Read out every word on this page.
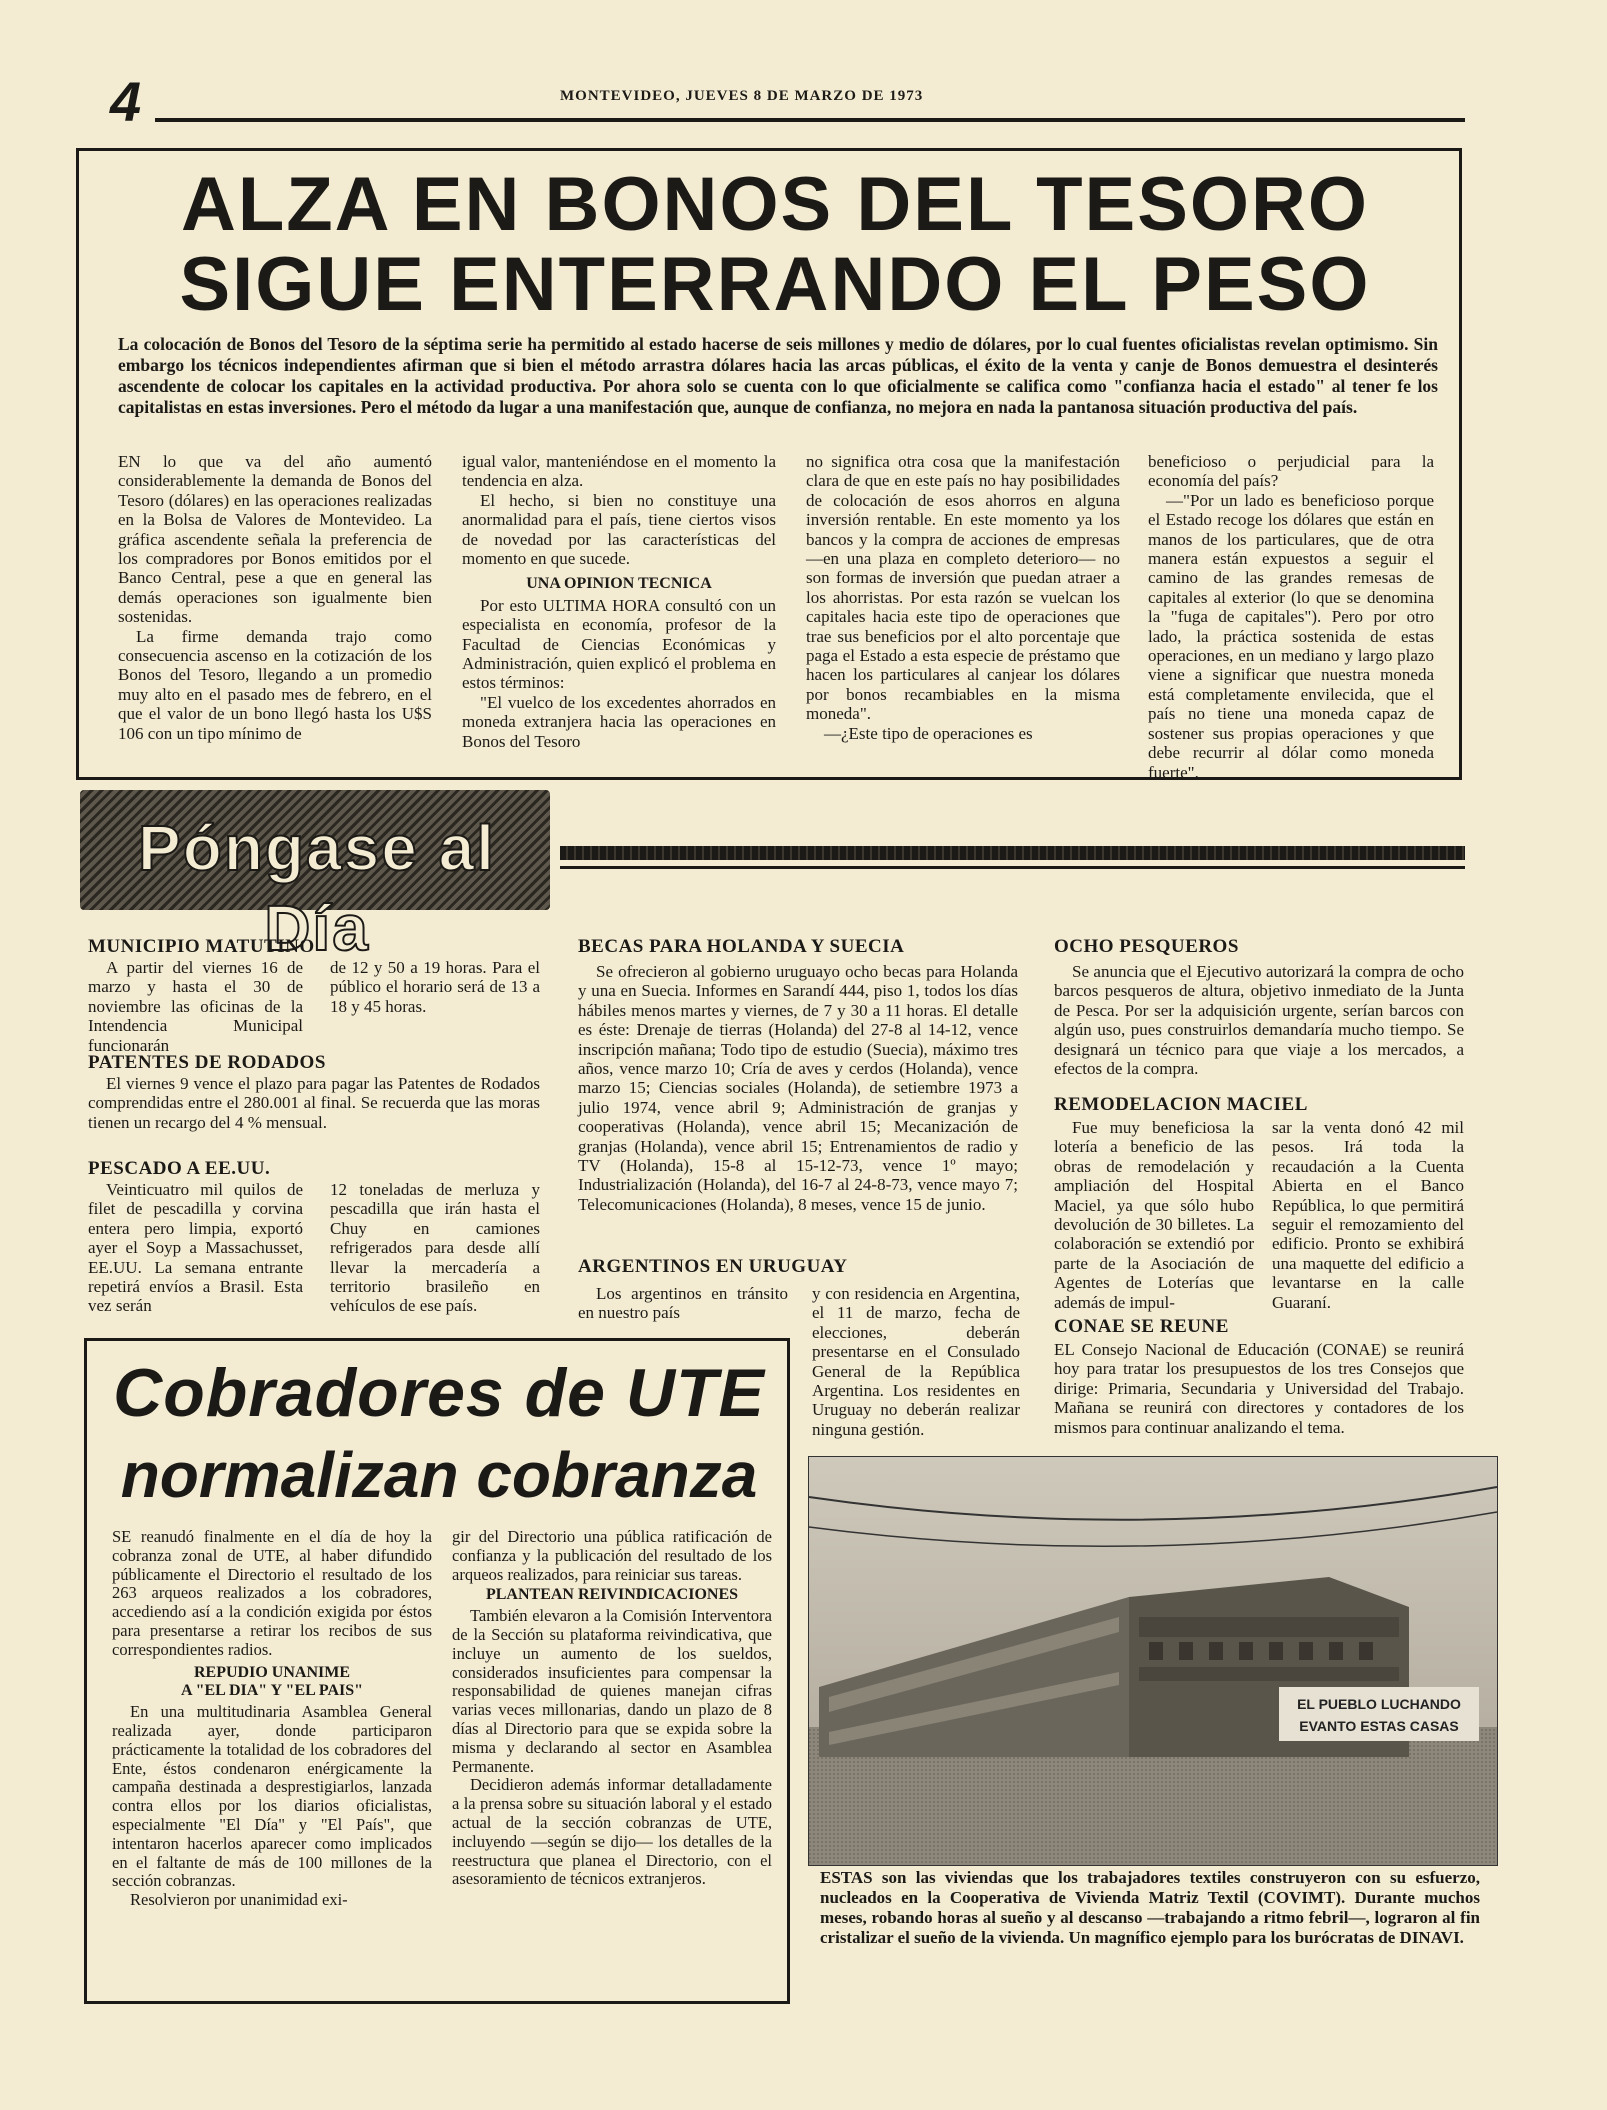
4	MONTEVIDEO, JUEVES 8 DE MARZO DE 1973
ALZA EN BONOS DEL TESORO
SIGUE ENTERRANDO EL PESO
La colocación de Bonos del Tesoro de la séptima serie ha permitido al estado hacerse de seis millones y medio de dólares, por lo cual fuentes oficialistas revelan optimismo. Sin embargo los técnicos independientes afirman que si bien el método arrastra dólares hacia las arcas públicas, el éxito de la venta y canje de Bonos demuestra el desinterés ascendente de colocar los capitales en la actividad productiva. Por ahora solo se cuenta con lo que oficialmente se califica como "confianza hacia el estado" al tener fe los capitalistas en estas inversiones. Pero el método da lugar a una manifestación que, aunque de confianza, no mejora en nada la pantanosa situación productiva del país.

EN lo que va del año aumentó considerablemente la demanda de Bonos del Tesoro (dólares) en las operaciones realizadas en la Bolsa de Valores de Montevideo. La gráfica ascendente señala la preferencia de los compradores por Bonos emitidos por el Banco Central, pese a que en general las demás operaciones son igualmente bien sostenidas.

La firme demanda trajo como consecuencia ascenso en la cotización de los Bonos del Tesoro, llegando a un promedio muy alto en el pasado mes de febrero, en el que el valor de un bono llegó hasta los U$S 106 con un tipo mínimo de

igual valor, manteniéndose en el momento la tendencia en alza.

El hecho, si bien no constituye una anormalidad para el país, tiene ciertos visos de novedad por las características del momento en que sucede.

UNA OPINION TECNICA

Por esto ULTIMA HORA consultó con un especialista en economía, profesor de la Facultad de Ciencias Económicas y Administración, quien explicó el problema en estos términos:

"El vuelco de los excedentes ahorrados en moneda extranjera hacia las operaciones en Bonos del Tesoro

no significa otra cosa que la manifestación clara de que en este país no hay posibilidades de colocación de esos ahorros en alguna inversión rentable. En este momento ya los bancos y la compra de acciones de empresas —en una plaza en completo deterioro— no son formas de inversión que puedan atraer a los ahorristas. Por esta razón se vuelcan los capitales hacia este tipo de operaciones que trae sus beneficios por el alto porcentaje que paga el Estado a esta especie de préstamo que hacen los particulares al canjear los dólares por bonos recambiables en la misma moneda".

—¿Este tipo de operaciones es

beneficioso o perjudicial para la economía del país?

—"Por un lado es beneficioso porque el Estado recoge los dólares que están en manos de los particulares, que de otra manera están expuestos a seguir el camino de las grandes remesas de capitales al exterior (lo que se denomina la "fuga de capitales"). Pero por otro lado, la práctica sostenida de estas operaciones, en un mediano y largo plazo viene a significar que nuestra moneda está completamente envilecida, que el país no tiene una moneda capaz de sostener sus propias operaciones y que debe recurrir al dólar como moneda fuerte".

Póngase al Día
MUNICIPIO MATUTINO

A partir del viernes 16 de marzo y hasta el 30 de noviembre las oficinas de la Intendencia Municipal funcionarán

de 12 y 50 a 19 horas. Para el público el horario será de 13 a 18 y 45 horas.

PATENTES DE RODADOS

El viernes 9 vence el plazo para pagar las Patentes de Rodados comprendidas entre el 280.001 al final. Se recuerda que las moras tienen un recargo del 4 % mensual.

PESCADO A EE.UU.

Veinticuatro mil quilos de filet de pescadilla y corvina entera pero limpia, exportó ayer el Soyp a Massachusset, EE.UU. La semana entrante repetirá envíos a Brasil. Esta vez serán

12 toneladas de merluza y pescadilla que irán hasta el Chuy en camiones refrigerados para desde allí llevar la mercadería a territorio brasileño en vehículos de ese país.

BECAS PARA HOLANDA Y SUECIA

Se ofrecieron al gobierno uruguayo ocho becas para Holanda y una en Suecia. Informes en Sarandí 444, piso 1, todos los días hábiles menos martes y viernes, de 7 y 30 a 11 horas. El detalle es éste: Drenaje de tierras (Holanda) del 27-8 al 14-12, vence inscripción mañana; Todo tipo de estudio (Suecia), máximo tres años, vence marzo 10; Cría de aves y cerdos (Holanda), vence marzo 15; Ciencias sociales (Holanda), de setiembre 1973 a julio 1974, vence abril 9; Administración de granjas y cooperativas (Holanda), vence abril 15; Mecanización de granjas (Holanda), vence abril 15; Entrenamientos de radio y TV (Holanda), 15-8 al 15-12-73, vence 1º mayo; Industrialización (Holanda), del 16-7 al 24-8-73, vence mayo 7; Telecomunicaciones (Holanda), 8 meses, vence 15 de junio.

ARGENTINOS EN URUGUAY

Los argentinos en tránsito en nuestro país

y con residencia en Argentina, el 11 de marzo, fecha de elecciones, deberán presentarse en el Consulado General de la República Argentina. Los residentes en Uruguay no deberán realizar ninguna gestión.

OCHO PESQUEROS

Se anuncia que el Ejecutivo autorizará la compra de ocho barcos pesqueros de altura, objetivo inmediato de la Junta de Pesca. Por ser la adquisición urgente, serían barcos con algún uso, pues construirlos demandaría mucho tiempo. Se designará un técnico para que viaje a los mercados, a efectos de la compra.

REMODELACION MACIEL

Fue muy beneficiosa la lotería a beneficio de las obras de remodelación y ampliación del Hospital Maciel, ya que sólo hubo devolución de 30 billetes. La colaboración se extendió por parte de la Asociación de Agentes de Loterías que además de impul-

sar la venta donó 42 mil pesos. Irá toda la recaudación a la Cuenta Abierta en el Banco República, lo que permitirá seguir el remozamiento del edificio. Pronto se exhibirá una maquette del edificio a levantarse en la calle Guaraní.

CONAE SE REUNE

EL Consejo Nacional de Educación (CONAE) se reunirá hoy para tratar los presupuestos de los tres Consejos que dirige: Primaria, Secundaria y Universidad del Trabajo. Mañana se reunirá con directores y contadores de los mismos para continuar analizando el tema.

Cobradores de UTE
normalizan cobranza

SE reanudó finalmente en el día de hoy la cobranza zonal de UTE, al haber difundido públicamente el Directorio el resultado de los 263 arqueos realizados a los cobradores, accediendo así a la condición exigida por éstos para presentarse a retirar los recibos de sus correspondientes radios.

REPUDIO UNANIME
A "EL DIA" Y "EL PAIS"

En una multitudinaria Asamblea General realizada ayer, donde participaron prácticamente la totalidad de los cobradores del Ente, éstos condenaron enérgicamente la campaña destinada a desprestigiarlos, lanzada contra ellos por los diarios oficialistas, especialmente "El Día" y "El País", que intentaron hacerlos aparecer como implicados en el faltante de más de 100 millones de la sección cobranzas.

Resolvieron por unanimidad exi-

gir del Directorio una pública ratificación de confianza y la publicación del resultado de los arqueos realizados, para reiniciar sus tareas.

PLANTEAN REIVINDICACIONES

También elevaron a la Comisión Interventora de la Sección su plataforma reivindicativa, que incluye un aumento de los sueldos, considerados insuficientes para compensar la responsabilidad de quienes manejan cifras varias veces millonarias, dando un plazo de 8 días al Directorio para que se expida sobre la misma y declarando al sector en Asamblea Permanente.

Decidieron además informar detalladamente a la prensa sobre su situación laboral y el estado actual de la sección cobranzas de UTE, incluyendo —según se dijo— los detalles de la reestructura que planea el Directorio, con el asesoramiento de técnicos extranjeros.

EL PUEBLO LUCHANDO
EVANTO ESTAS CASAS

ESTAS son las viviendas que los trabajadores textiles construyeron con su esfuerzo, nucleados en la Cooperativa de Vivienda Matriz Textil (COVIMT). Durante muchos meses, robando horas al sueño y al descanso —trabajando a ritmo febril—, lograron al fin cristalizar el sueño de la vivienda. Un magnífico ejemplo para los burócratas de DINAVI.
